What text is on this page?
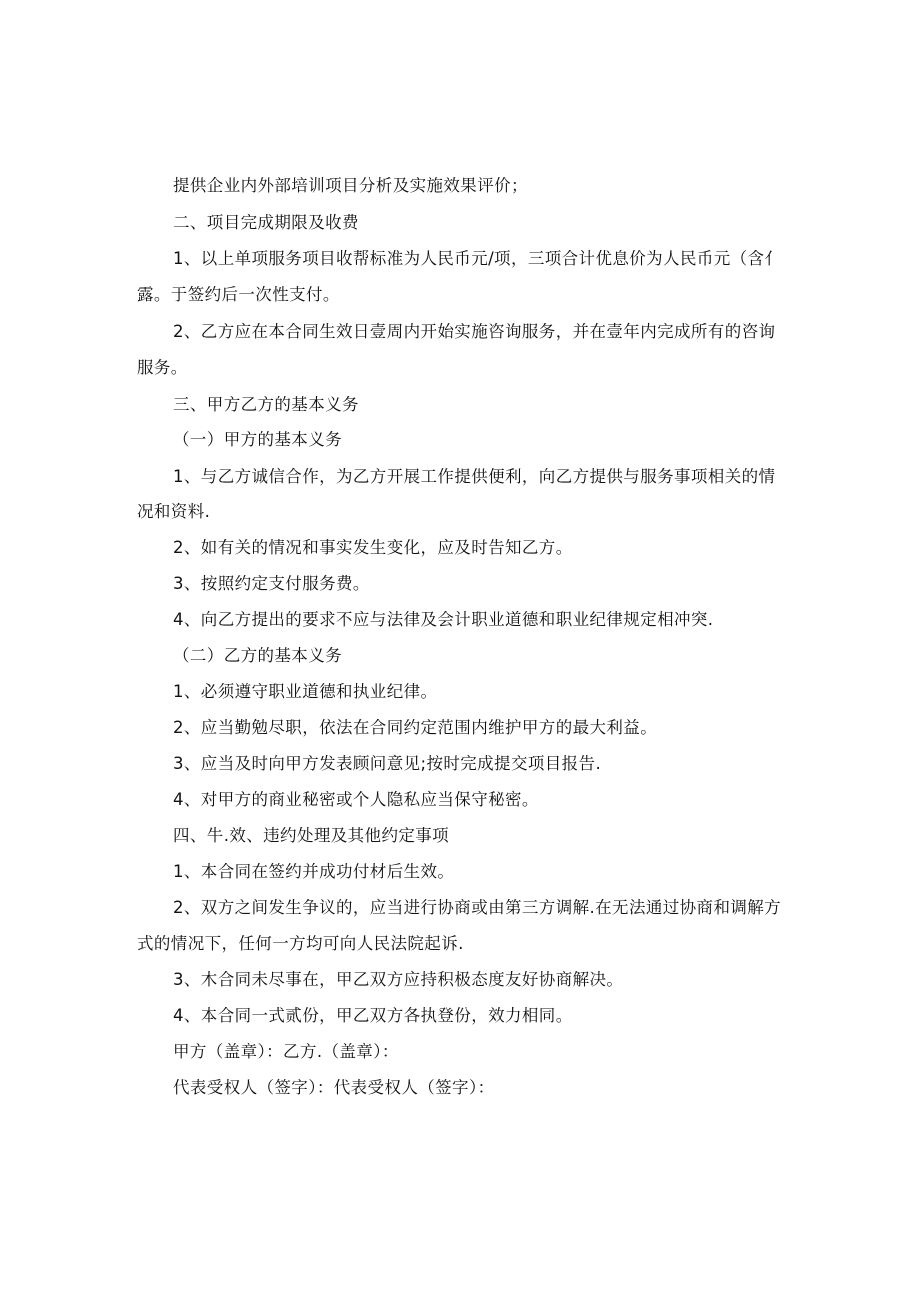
提供企业内外部培训项目分析及实施效果评价；
二、项目完成期限及收费
1、以上单项服务项目收帮标准为人民币元/项，三项合计优息价为人民币元（含亻
露。于签约后一次性支付。
2、乙方应在本合同生效日壹周内开始实施咨询服务，并在壹年内完成所有的咨询
服务。
三、甲方乙方的基本义务
（一）甲方的基本义务
1、与乙方诚信合作，为乙方开展工作提供便利，向乙方提供与服务事项相关的情
况和资料.
2、如有关的情况和事实发生变化，应及时告知乙方。
3、按照约定支付服务费。
4、向乙方提出的要求不应与法律及会计职业道德和职业纪律规定相冲突.
（二）乙方的基本义务
1、必须遵守职业道德和执业纪律。
2、应当勤勉尽职，依法在合同约定范围内维护甲方的最大利益。
3、应当及时向甲方发表顾问意见;按时完成提交项目报告.
4、对甲方的商业秘密或个人隐私应当保守秘密。
四、牛.效、违约处理及其他约定事项
1、本合同在签约并成功付材后生效。
2、双方之间发生争议的，应当进行协商或由第三方调解.在无法通过协商和调解方
式的情况下，任何一方均可向人民法院起诉.
3、木合同未尽事在，甲乙双方应持积极态度友好协商解决。
4、本合同一式贰份，甲乙双方各执登份，效力相同。
甲方（盖章）：乙方.（盖章）：
代表受权人（签字）：代表受权人（签字）：
